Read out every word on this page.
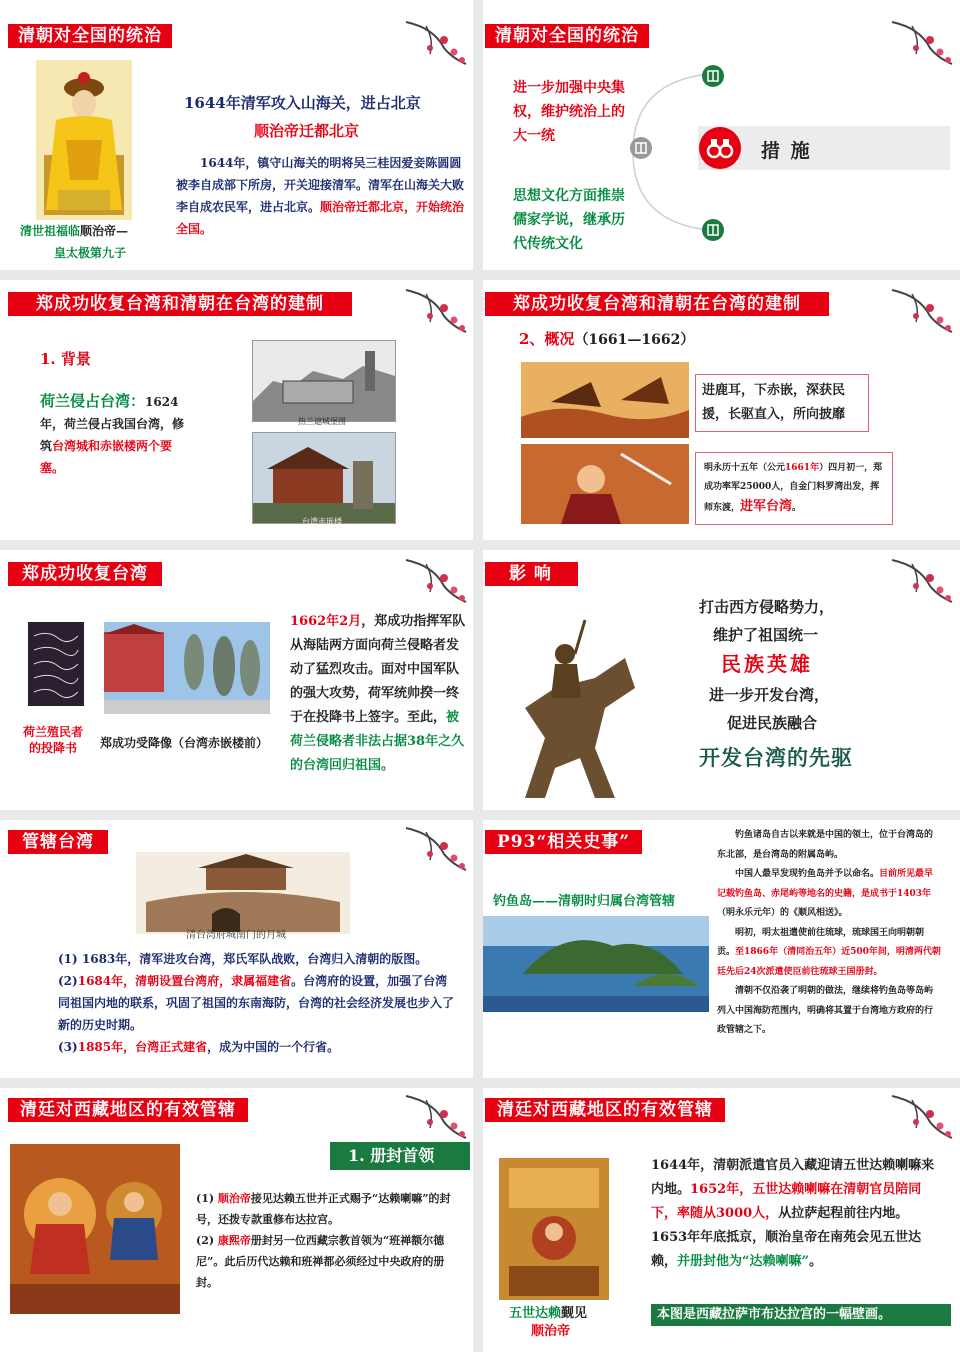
清朝对全国的统治
清世祖福临顺治帝—
皇太极第九子
1644年清军攻入山海关，进占北京
顺治帝迁都北京
1644年，镇守山海关的明将吴三桂因爱妾陈圆圆被李自成部下所房，开关迎接清军。清军在山海关大败李自成农民军，进占北京。顺治帝迁都北京，开始统治全国。
清朝对全国的统治
措 施
进一步加强中央集权，维护统治上的大一统
思想文化方面推崇儒家学说，继承历代传统文化
郑成功收复台湾和清朝在台湾的建制
1. 背景
荷兰侵占台湾：1624年，荷兰侵占我国台湾，修筑台湾城和赤嵌楼两个要塞。
热兰遮城堡图
台湾赤嵌楼
郑成功收复台湾和清朝在台湾的建制
2、概况（1661—1662）
进鹿耳，下赤嵌，深获民援，长驱直入，所向披靡
明永历十五年（公元1661年）四月初一，郑成功率军25000人，自金门料罗湾出发，挥师东渡，进军台湾。
郑成功收复台湾
荷兰殖民者的投降书	郑成功受降像（台湾赤嵌楼前）
1662年2月，郑成功指挥军队从海陆两方面向荷兰侵略者发动了猛烈攻击。面对中国军队的强大攻势，荷军统帅揆一终于在投降书上签字。至此，被荷兰侵略者非法占据38年之久的台湾回归祖国。
影 响
打击西方侵略势力，
维护了祖国统一
民族英雄
进一步开发台湾，
促进民族融合
开发台湾的先驱
管辖台湾
清台湾府城南门的月城
(1) 1683年，清军进攻台湾，郑氏军队战败，台湾归入清朝的版图。
(2)1684年，清朝设置台湾府，隶属福建省。台湾府的设置，加强了台湾同祖国内地的联系，巩固了祖国的东南海防，台湾的社会经济发展也步入了新的历史时期。
(3)1885年，台湾正式建省，成为中国的一个行省。
P93“相关史事”
钓鱼岛——清朝时归属台湾管辖
钓鱼诸岛自古以来就是中国的领土，位于台湾岛的东北部，是台湾岛的附属岛屿。
中国人最早发现钓鱼岛并予以命名。目前所见最早记载钓鱼岛、赤尾屿等地名的史籍，是成书于1403年（明永乐元年）的《顺风相送》。
明初，明太祖遣使前往琉球，琉球国王向明朝朝贡。至1866年（清同治五年）近500年间，明清两代朝廷先后24次派遣使臣前往琉球王国册封。
清朝不仅沿袭了明朝的做法，继续将钓鱼岛等岛屿列入中国海防范围内，明确将其置于台湾地方政府的行政管辖之下。
清廷对西藏地区的有效管辖
1. 册封首领
(1) 顺治帝接见达赖五世并正式赐予“达赖喇嘛”的封号，还拨专款重修布达拉宫。
(2) 康熙帝册封另一位西藏宗教首领为“班禅额尔德尼”。此后历代达赖和班禅都必须经过中央政府的册封。
清廷对西藏地区的有效管辖
五世达赖觐见
顺治帝
1644年，清朝派遣官员入藏迎请五世达赖喇嘛来内地。1652年，五世达赖喇嘛在清朝官员陪同下，率随从3000人，从拉萨起程前往内地。1653年年底抵京，顺治皇帝在南苑会见五世达赖，并册封他为“达赖喇嘛”。
本图是西藏拉萨市布达拉宫的一幅壁画。
